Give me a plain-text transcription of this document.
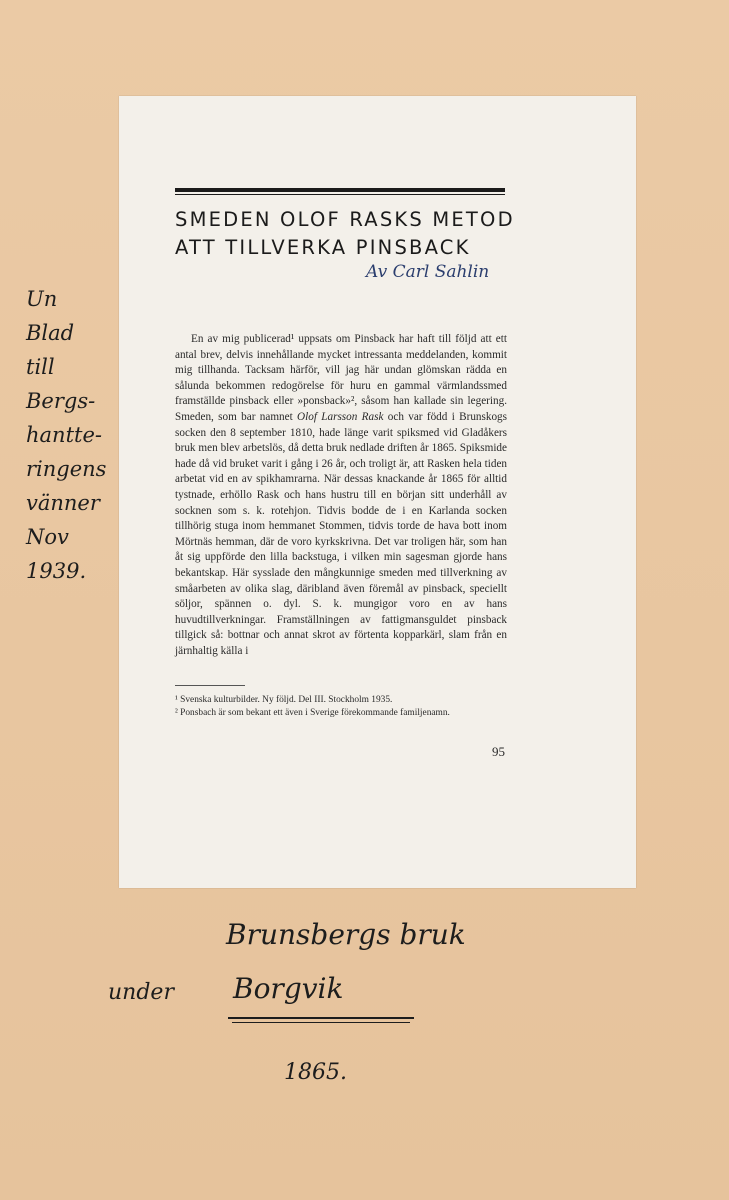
SMEDEN OLOF RASKS METOD
ATT TILLVERKA PINSBACK
Av Carl Sahlin

En av mig publicerad¹ uppsats om Pinsback har haft till följd att ett antal brev, delvis innehållande mycket intressanta meddelanden, kommit mig tillhanda. Tacksam härför, vill jag här undan glömskan rädda en sålunda bekommen redogörelse för huru en gammal värmlandssmed framställde pinsback eller »ponsback»², såsom han kallade sin legering. Smeden, som bar namnet Olof Larsson Rask och var född i Brunskogs socken den 8 september 1810, hade länge varit spiksmed vid Gladåkers bruk men blev arbetslös, då detta bruk nedlade driften år 1865. Spiksmide hade då vid bruket varit i gång i 26 år, och troligt är, att Rasken hela tiden arbetat vid en av spikhamrarna. När dessas knackande år 1865 för alltid tystnade, erhöllo Rask och hans hustru till en början sitt underhåll av socknen som s. k. rotehjon. Tidvis bodde de i en Karlanda socken tillhörig stuga inom hemmanet Stommen, tidvis torde de hava bott inom Mörtnäs hemman, där de voro kyrkskrivna. Det var troligen här, som han åt sig uppförde den lilla backstuga, i vilken min sagesman gjorde hans bekantskap. Här sysslade den mångkunnige smeden med tillverkning av småarbeten av olika slag, däribland även föremål av pinsback, speciellt söljor, spännen o. dyl. S. k. mungigor voro en av hans huvudtillverkningar. Framställningen av fattigmansguldet pinsback tillgick så: bottnar och annat skrot av förtenta kopparkärl, slam från en järnhaltig källa i

¹ Svenska kulturbilder. Ny följd. Del III. Stockholm 1935.

² Ponsbach är som bekant ett även i Sverige förekommande familjenamn.

95
Un
Blad
till
Bergs-
hantte-
ringens
vänner
Nov
1939.
Brunsbergs bruk
under Borgvik
1865.
